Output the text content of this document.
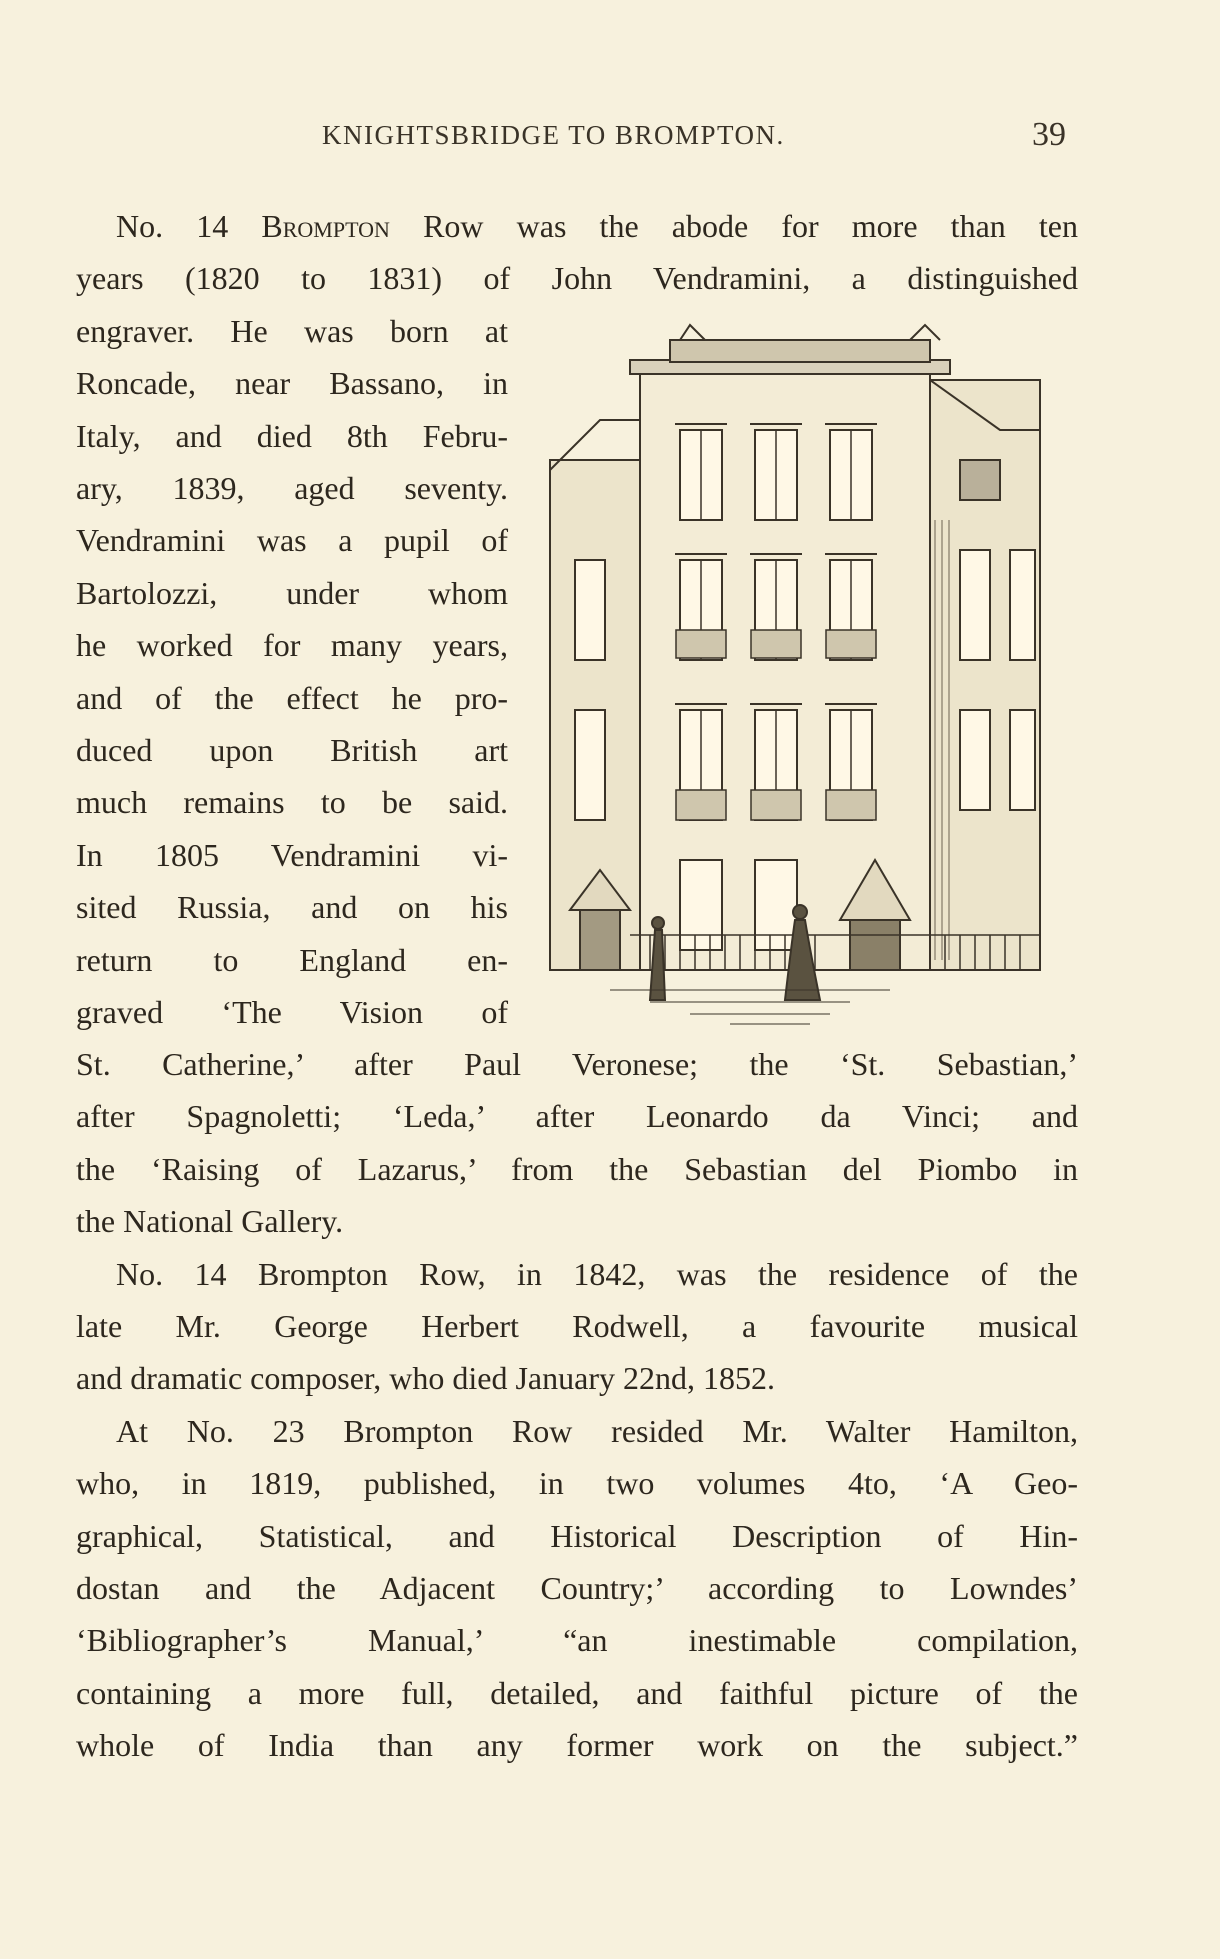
KNIGHTSBRIDGE TO BROMPTON.	39
No. 14 Brompton Row was the abode for more than ten
years (1820 to 1831) of John Vendramini, a distinguished
engraver. He was born at
Roncade, near Bassano, in
Italy, and died 8th Febru-
ary, 1839, aged seventy.
Vendramini was a pupil of
Bartolozzi, under whom
he worked for many years,
and of the effect he pro-
duced upon British art
much remains to be said.
In 1805 Vendramini vi-
sited Russia, and on his
return to England en-
graved ‘The Vision of
St. Catherine,’ after Paul Veronese; the ‘St. Sebastian,’
after Spagnoletti; ‘Leda,’ after Leonardo da Vinci; and
the ‘Raising of Lazarus,’ from the Sebastian del Piombo in
the National Gallery.
No. 14 Brompton Row, in 1842, was the residence of the
late Mr. George Herbert Rodwell, a favourite musical
and dramatic composer, who died January 22nd, 1852.
At No. 23 Brompton Row resided Mr. Walter Hamilton,
who, in 1819, published, in two volumes 4to, ‘A Geo-
graphical, Statistical, and Historical Description of Hin-
dostan and the Adjacent Country;’ according to Lowndes’
‘Bibliographer’s Manual,’ “an inestimable compilation,
containing a more full, detailed, and faithful picture of the
whole of India than any former work on the subject.”
